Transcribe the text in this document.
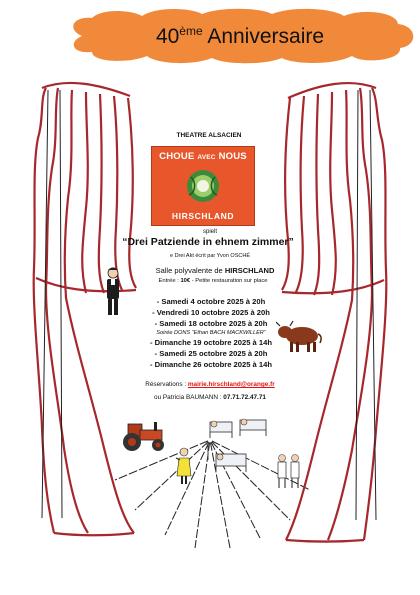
40ème Anniversaire
THEATRE ALSACIEN
CHOUE AVEC NOUS
HIRSCHLAND
spielt
“Drei Patziende in ehnem zimmer”
e Drei Akt écrit par Yvon OSCHÉ
Salle polyvalente de HIRSCHLAND
Entrée : 10€ - Petite restauration sur place
- Samedi 4 octobre 2025 à 20h
- Vendredi 10 octobre 2025 à 20h
- Samedi 18 octobre 2025 à 20h
Soirée DONS “Ethan BACH MACKWILLER”
- Dimanche 19 octobre 2025 à 14h
- Samedi 25 octobre 2025 à 20h
- Dimanche 26 octobre 2025 à 14h
Réservations : mairie.hirschland@orange.fr
ou Patricia BAUMANN : 07.71.72.47.71
